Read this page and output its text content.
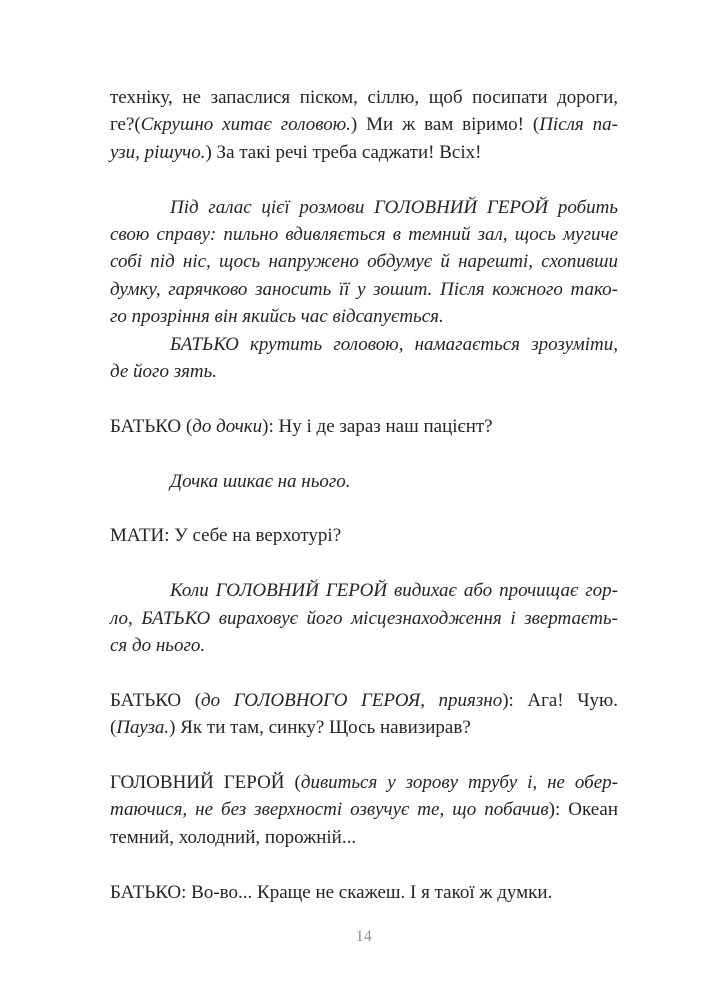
техніку, не запаслися піском, сіллю, щоб посипати дороги,
ге?(Скрушно хитає головою.) Ми ж вам віримо! (Після па-
узи, рішучо.) За такі речі треба саджати! Всіх!
Під галас цієї розмови ГОЛОВНИЙ ГЕРОЙ робить
свою справу: пильно вдивляється в темний зал, щось мугиче
собі під ніс, щось напружено обдумує й нарешті, схопивши
думку, гарячково заносить її у зошит. Після кожного тако-
го прозріння він якийсь час відсапується.
БАТЬКО крутить головою, намагається зрозуміти,
де його зять.
БАТЬКО (до дочки): Ну і де зараз наш пацієнт?
Дочка шикає на нього.
МАТИ: У себе на верхотурі?
Коли ГОЛОВНИЙ ГЕРОЙ видихає або прочищає гор-
ло, БАТЬКО вираховує його місцезнаходження і звертаєть-
ся до нього.
БАТЬКО (до ГОЛОВНОГО ГЕРОЯ, приязно): Ага! Чую.
(Пауза.) Як ти там, синку? Щось навизирав?
ГОЛОВНИЙ ГЕРОЙ (дивиться у зорову трубу і, не обер-
таючися, не без зверхності озвучує те, що побачив): Океан
темний, холодний, порожній...
БАТЬКО: Во-во... Краще не скажеш. І я такої ж думки.
14
